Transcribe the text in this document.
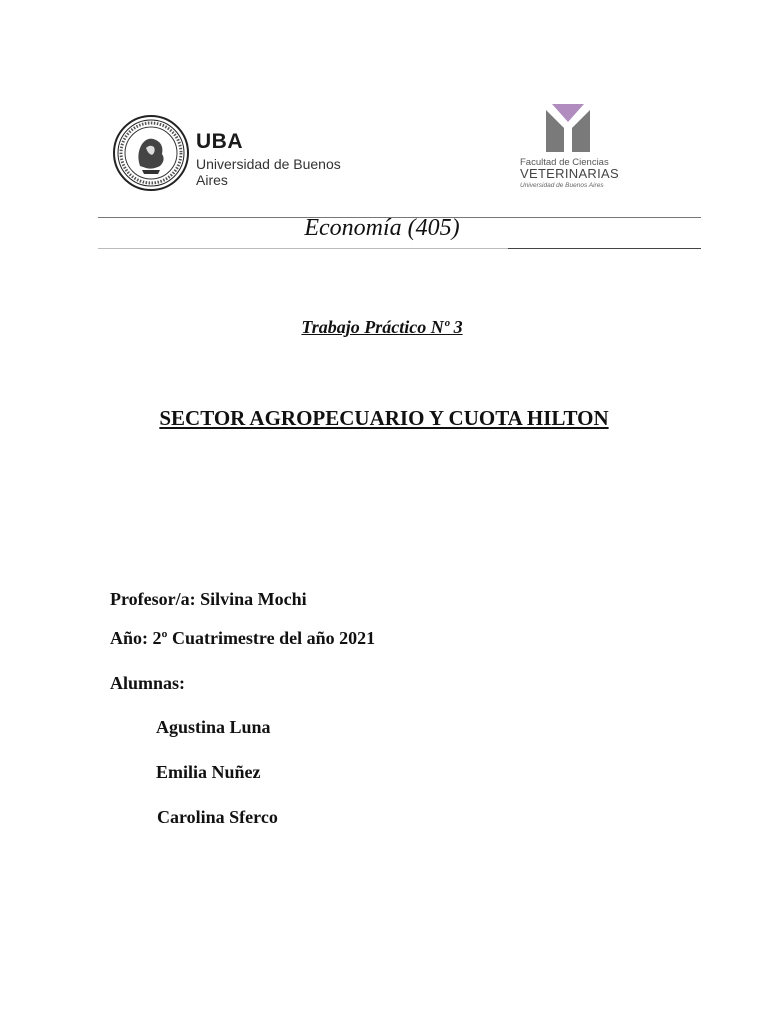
UBA
Universidad de Buenos Aires
Facultad de Ciencias
VETERINARIAS
Universidad de Buenos Aires
Economía (405)
Trabajo Práctico Nº 3
SECTOR AGROPECUARIO Y CUOTA HILTON
Profesor/a: Silvina Mochi
Año: 2º Cuatrimestre del año 2021
Alumnas:
Agustina Luna
Emilia Nuñez
Carolina Sferco
